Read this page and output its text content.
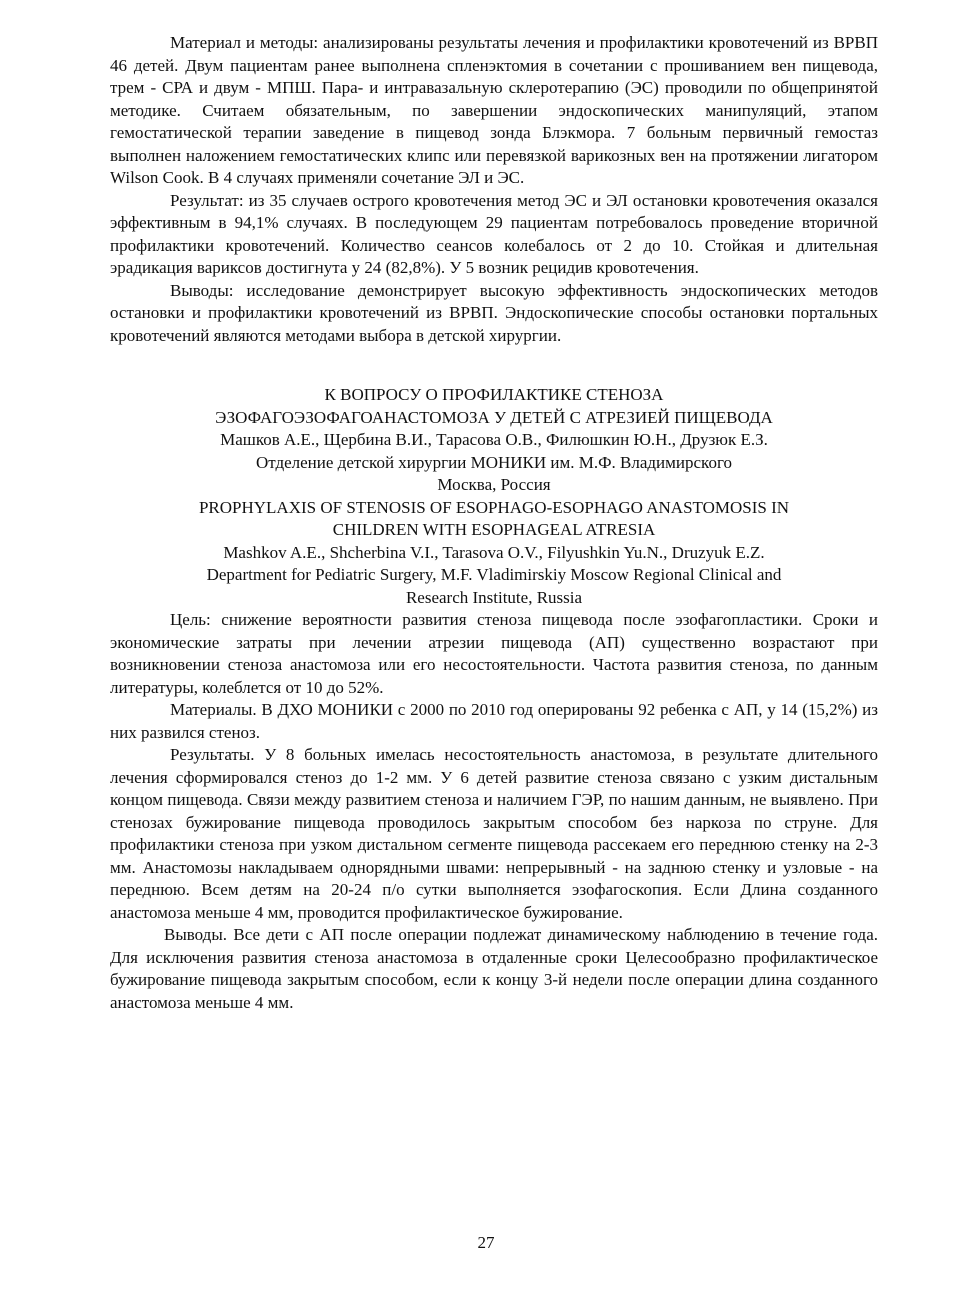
Материал и методы: анализированы результаты лечения и профилактики кровотечений из ВРВП 46 детей. Двум пациентам ранее выполнена спленэктомия в сочетании с прошиванием вен пищевода, трем - СРА и двум - МПШ. Пара- и интравазальную склеротерапию (ЭС) проводили по общепринятой методике. Считаем обязательным, по завершении эндоскопических манипуляций, этапом гемостатической терапии заведение в пищевод зонда Блэкмора. 7 больным первичный гемостаз выполнен наложением гемостатических клипс или перевязкой варикозных вен на протяжении лигатором Wilson Cook. В 4 случаях применяли сочетание ЭЛ и ЭС.

Результат: из 35 случаев острого кровотечения метод ЭС и ЭЛ остановки кровотечения оказался эффективным в 94,1% случаях. В последующем 29 пациентам потребовалось проведение вторичной профилактики кровотечений. Количество сеансов колебалось от 2 до 10. Стойкая и длительная эрадикация вариксов достигнута у 24 (82,8%). У 5 возник рецидив кровотечения.

Выводы: исследование демонстрирует высокую эффективность эндоскопических методов остановки и профилактики кровотечений из ВРВП. Эндоскопические способы остановки портальных кровотечений являются методами выбора в детской хирургии.

К ВОПРОСУ О ПРОФИЛАКТИКЕ СТЕНОЗА

ЭЗОФАГОЭЗОФАГОАНАСТОМОЗА У ДЕТЕЙ С АТРЕЗИЕЙ ПИЩЕВОДА

Машков А.Е., Щербина В.И., Тарасова О.В., Филюшкин Ю.Н., Друзюк Е.З.

Отделение детской хирургии МОНИКИ им. М.Ф. Владимирского

Москва, Россия

PROPHYLAXIS OF STENOSIS OF ESOPHAGO-ESOPHAGO ANASTOMOSIS IN

CHILDREN WITH ESOPHAGEAL ATRESIA

Mashkov A.E., Shcherbina V.I., Tarasova O.V., Filyushkin Yu.N., Druzyuk E.Z.

Department for Pediatric Surgery, M.F. Vladimirskiy Moscow Regional Clinical and

Research Institute, Russia

Цель: снижение вероятности развития стеноза пищевода после эзофагопластики. Сроки и экономические затраты при лечении атрезии пищевода (АП) существенно возрастают при возникновении стеноза анастомоза или его несостоятельности. Частота развития стеноза, по данным литературы, колеблется от 10 до 52%.

Материалы. В ДХО МОНИКИ с 2000 по 2010 год оперированы 92 ребенка с АП, у 14 (15,2%) из них развился стеноз.

Результаты. У 8 больных имелась несостоятельность анастомоза, в результате длительного лечения сформировался стеноз до 1-2 мм. У 6 детей развитие стеноза связано с узким дистальным концом пищевода. Связи между развитием стеноза и наличием ГЭР, по нашим данным, не выявлено. При стенозах бужирование пищевода проводилось закрытым способом без наркоза по струне. Для профилактики стеноза при узком дистальном сегменте пищевода рассекаем его переднюю стенку на 2-3 мм. Анастомозы накладываем однорядными швами: непрерывный - на заднюю стенку и узловые - на переднюю. Всем детям на 20-24 п/о сутки выполняется эзофагоскопия. Если Длина созданного анастомоза меньше 4 мм, проводится профилактическое бужирование.

Выводы. Все дети с АП после операции подлежат динамическому наблюдению в течение года. Для исключения развития стеноза анастомоза в отдаленные сроки Целесообразно профилактическое бужирование пищевода закрытым способом, если к концу 3-й недели после операции длина созданного анастомоза меньше 4 мм.

27
